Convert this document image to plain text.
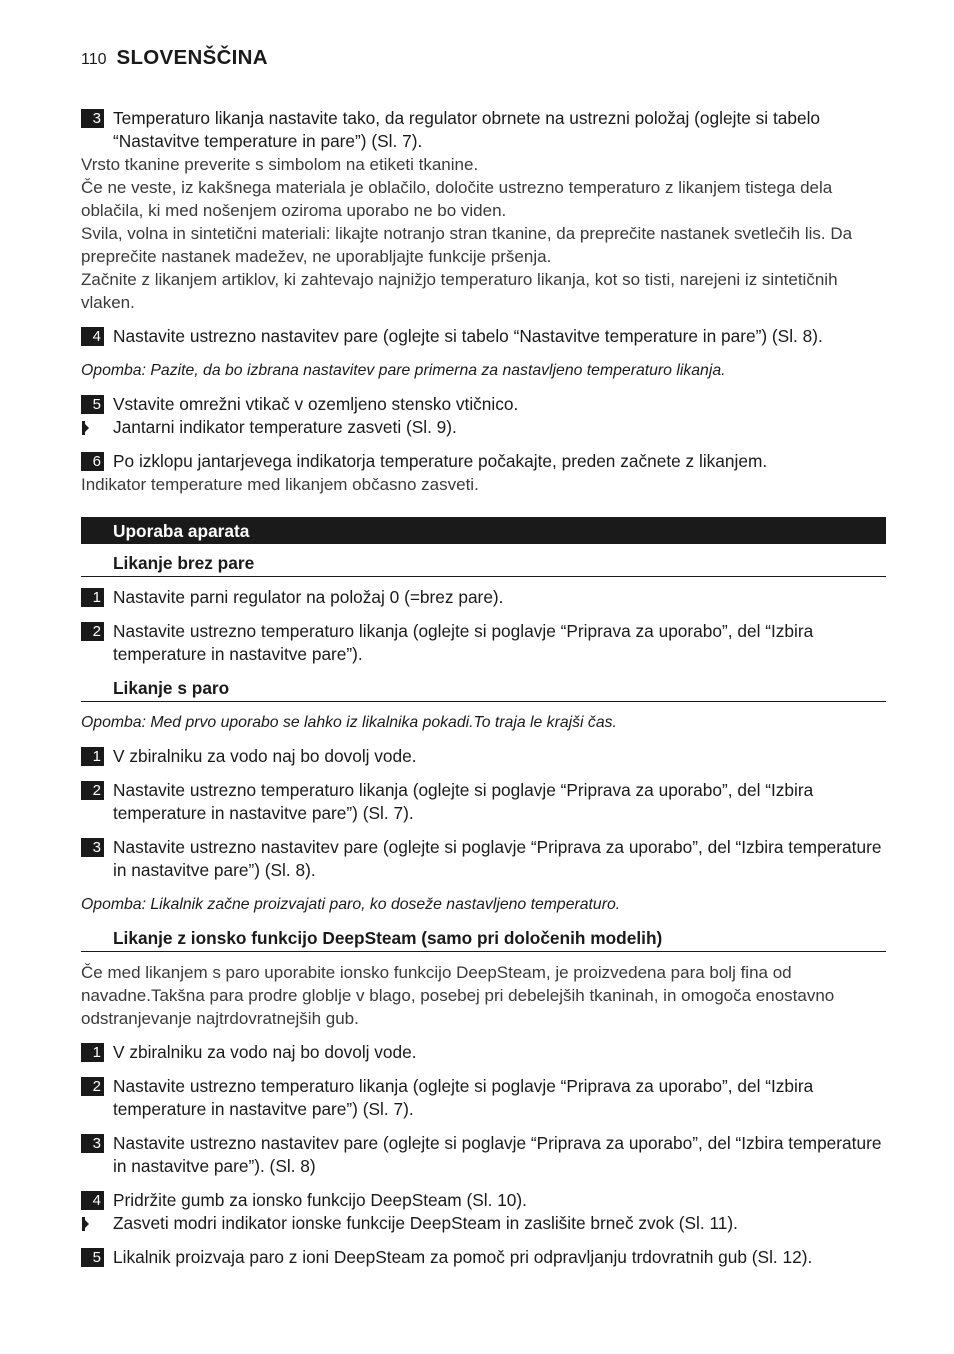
110 SLOVENŠČINA
3 Temperaturo likanja nastavite tako, da regulator obrnete na ustrezni položaj (oglejte si tabelo “Nastavitve temperature in pare”) (Sl. 7).
Vrsto tkanine preverite s simbolom na etiketi tkanine.
Če ne veste, iz kakšnega materiala je oblačilo, določite ustrezno temperaturo z likanjem tistega dela oblačila, ki med nošenjem oziroma uporabo ne bo viden.
Svila, volna in sintetični materiali: likajte notranjo stran tkanine, da preprečite nastanek svetlečih lis. Da preprečite nastanek madežev, ne uporabljajte funkcije pršenja.
Začnite z likanjem artiklov, ki zahtevajo najnižjo temperaturo likanja, kot so tisti, narejeni iz sintetičnih vlaken.
4 Nastavite ustrezno nastavitev pare (oglejte si tabelo “Nastavitve temperature in pare”) (Sl. 8).
Opomba: Pazite, da bo izbrana nastavitev pare primerna za nastavljeno temperaturo likanja.
5 Vstavite omrežni vtikač v ozemljeno stensko vtičnico.
Jantarni indikator temperature zasveti (Sl. 9).
6 Po izklopu jantarjevega indikatorja temperature počakajte, preden začnete z likanjem.
Indikator temperature med likanjem občasno zasveti.
Uporaba aparata
Likanje brez pare
1 Nastavite parni regulator na položaj 0 (=brez pare).
2 Nastavite ustrezno temperaturo likanja (oglejte si poglavje “Priprava za uporabo”, del “Izbira temperature in nastavitve pare”).
Likanje s paro
Opomba: Med prvo uporabo se lahko iz likalnika pokadi.To traja le krajši čas.
1 V zbiralniku za vodo naj bo dovolj vode.
2 Nastavite ustrezno temperaturo likanja (oglejte si poglavje “Priprava za uporabo”, del “Izbira temperature in nastavitve pare”) (Sl. 7).
3 Nastavite ustrezno nastavitev pare (oglejte si poglavje “Priprava za uporabo”, del “Izbira temperature in nastavitve pare”) (Sl. 8).
Opomba: Likalnik začne proizvajati paro, ko doseže nastavljeno temperaturo.
Likanje z ionsko funkcijo DeepSteam (samo pri določenih modelih)
Če med likanjem s paro uporabite ionsko funkcijo DeepSteam, je proizvedena para bolj fina od navadne.Takšna para prodre globlje v blago, posebej pri debelejših tkaninah, in omogoča enostavno odstranjevanje najtrdovratnejših gub.
1 V zbiralniku za vodo naj bo dovolj vode.
2 Nastavite ustrezno temperaturo likanja (oglejte si poglavje “Priprava za uporabo”, del “Izbira temperature in nastavitve pare”) (Sl. 7).
3 Nastavite ustrezno nastavitev pare (oglejte si poglavje “Priprava za uporabo”, del “Izbira temperature in nastavitve pare”). (Sl. 8)
4 Pridržite gumb za ionsko funkcijo DeepSteam (Sl. 10).
Zasveti modri indikator ionske funkcije DeepSteam in zaslišite brneč zvok (Sl. 11).
5 Likalnik proizvaja paro z ioni DeepSteam za pomoč pri odpravljanju trdovratnih gub (Sl. 12).
